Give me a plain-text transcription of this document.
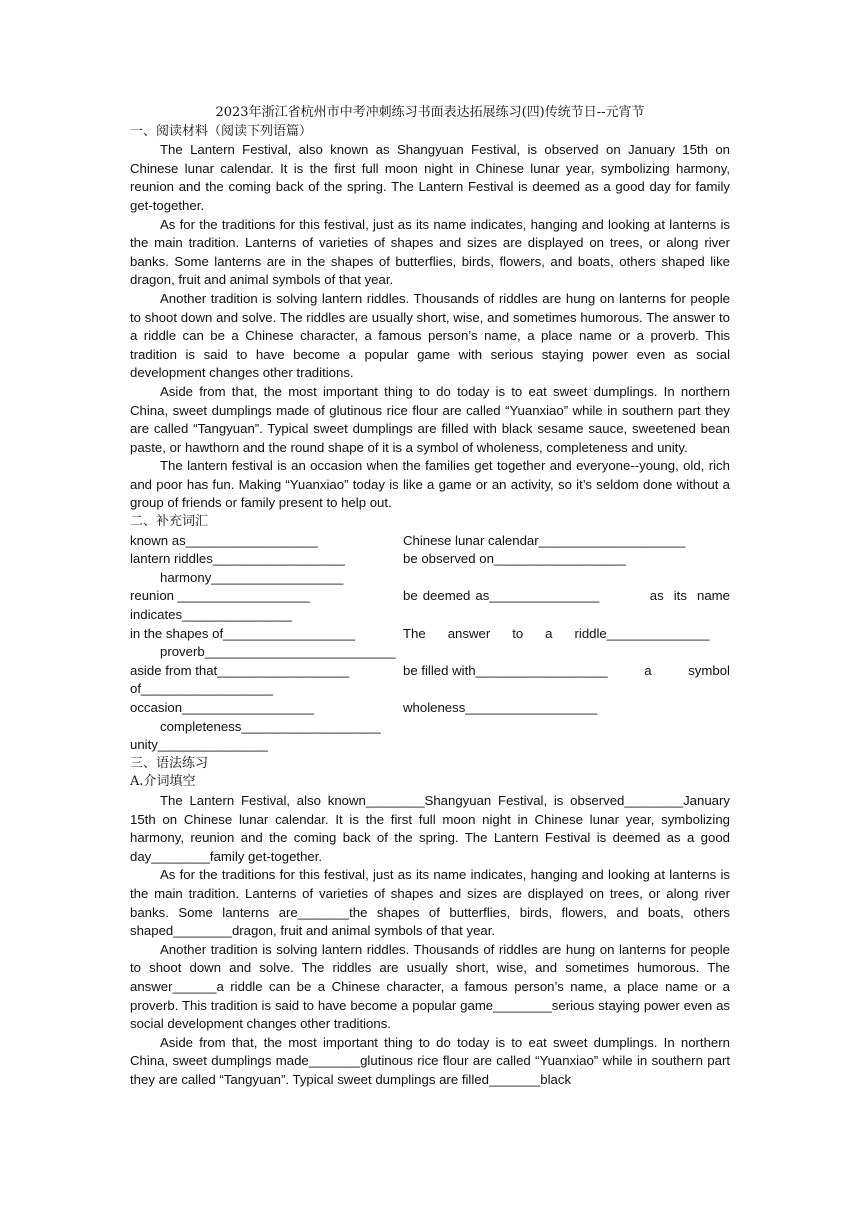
2023年浙江省杭州市中考冲刺练习书面表达拓展练习(四)传统节日--元宵节
一、阅读材料（阅读下列语篇）

The Lantern Festival, also known as Shangyuan Festival, is observed on January 15th on Chinese lunar calendar. It is the first full moon night in Chinese lunar year, symbolizing harmony, reunion and the coming back of the spring. The Lantern Festival is deemed as a good day for family get-together.

As for the traditions for this festival, just as its name indicates, hanging and looking at lanterns is the main tradition. Lanterns of varieties of shapes and sizes are displayed on trees, or along river banks. Some lanterns are in the shapes of butterflies, birds, flowers, and boats, others shaped like dragon, fruit and animal symbols of that year.

Another tradition is solving lantern riddles. Thousands of riddles are hung on lanterns for people to shoot down and solve. The riddles are usually short, wise, and sometimes humorous. The answer to a riddle can be a Chinese character, a famous person’s name, a place name or a proverb. This tradition is said to have become a popular game with serious staying power even as social development changes other traditions.

Aside from that, the most important thing to do today is to eat sweet dumplings. In northern China, sweet dumplings made of glutinous rice flour are called “Yuanxiao” while in southern part they are called “Tangyuan”. Typical sweet dumplings are filled with black sesame sauce, sweetened bean paste, or hawthorn and the round shape of it is a symbol of wholeness, completeness and unity.

The lantern festival is an occasion when the families get together and everyone--young, old, rich and poor has fun. Making “Yuanxiao” today is like a game or an activity, so it’s seldom done without a group of friends or family present to help out.

二、补充词汇
known as__________________	Chinese lunar calendar____________________
lantern riddles__________________	be observed on__________________
harmony__________________
reunion __________________	be deemed as_______________          as  its  name
indicates_______________
in the shapes of__________________	The      answer      to      a      riddle______________
proverb__________________________
aside from that__________________	be filled with__________________          a          symbol
of__________________
occasion__________________	wholeness__________________
completeness___________________
unity_______________
三、语法练习
A.介词填空

The Lantern Festival, also known________Shangyuan Festival, is observed________January 15th on Chinese lunar calendar. It is the first full moon night in Chinese lunar year, symbolizing harmony, reunion and the coming back of the spring. The Lantern Festival is deemed as a good day________family get-together.

As for the traditions for this festival, just as its name indicates, hanging and looking at lanterns is the main tradition. Lanterns of varieties of shapes and sizes are displayed on trees, or along river banks. Some lanterns are_______the shapes of butterflies, birds, flowers, and boats, others shaped________dragon, fruit and animal symbols of that year.

Another tradition is solving lantern riddles. Thousands of riddles are hung on lanterns for people to shoot down and solve. The riddles are usually short, wise, and sometimes humorous. The answer______a riddle can be a Chinese character, a famous person’s name, a place name or a proverb. This tradition is said to have become a popular game________serious staying power even as social development changes other traditions.

Aside from that, the most important thing to do today is to eat sweet dumplings. In northern China, sweet dumplings made_______glutinous rice flour are called “Yuanxiao” while in southern part they are called “Tangyuan”. Typical sweet dumplings are filled_______black
